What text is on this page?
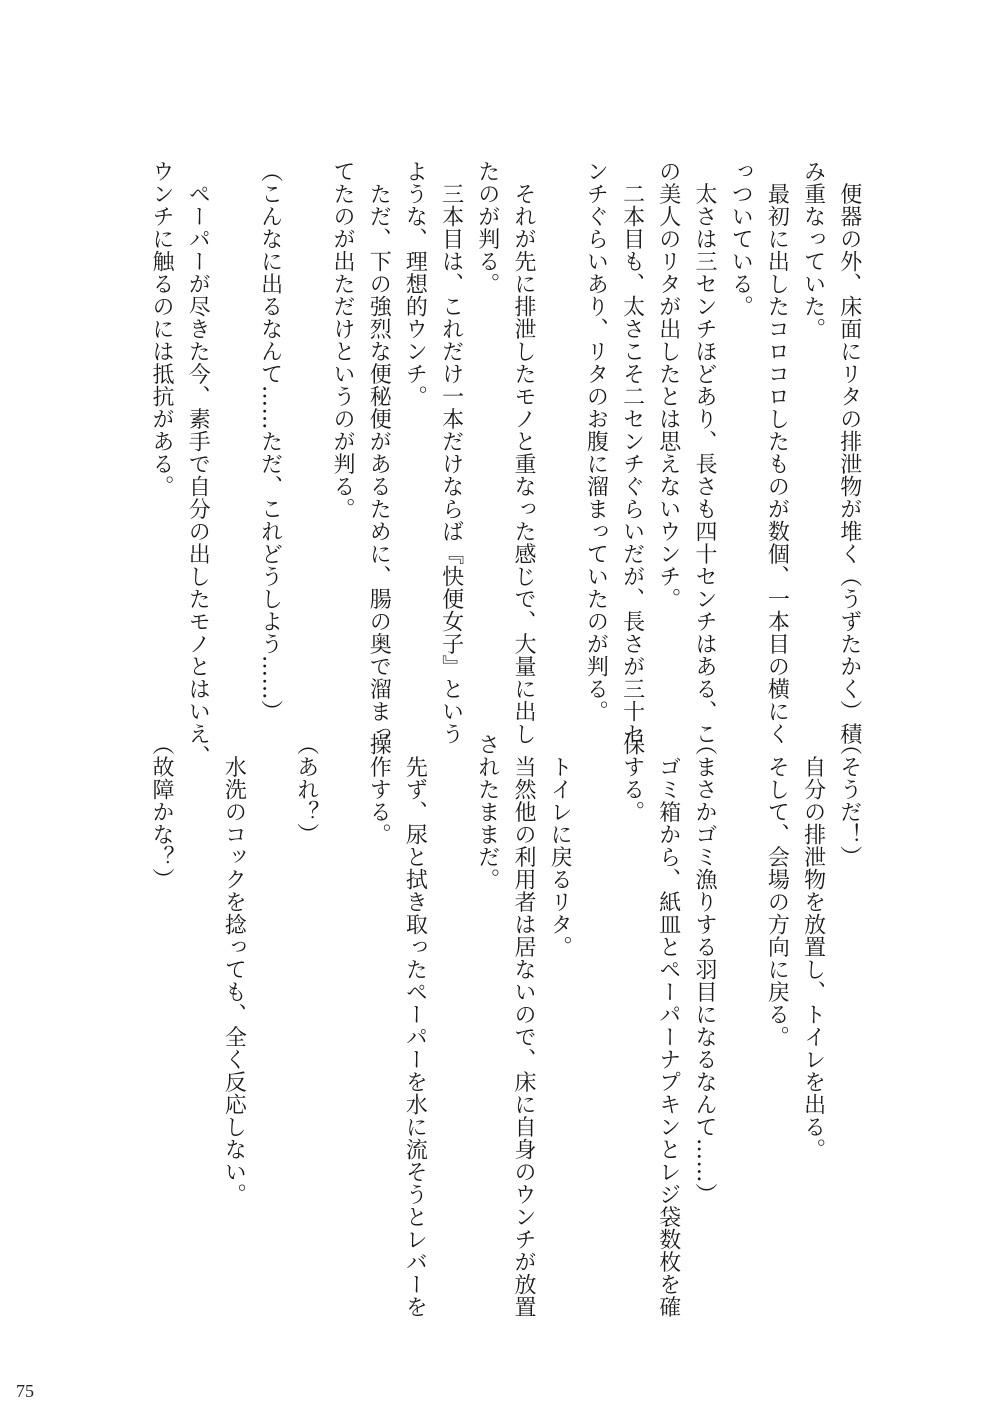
　便器の外、床面にリタの排泄物が堆く（うずたかく）積
み重なっていた。
　最初に出したコロコロしたものが数個、一本目の横にく
っついている。
　太さは三センチほどあり、長さも四十センチはある、こ
の美人のリタが出したとは思えないウンチ。
　二本目も、太さこそ二センチぐらいだが、長さが三十セ
ンチぐらいあり、リタのお腹に溜まっていたのが判る。
　それが先に排泄したモノと重なった感じで、大量に出し
たのが判る。
　三本目は、これだけ一本だけならば『快便女子』という
ような、理想的ウンチ。
　ただ、下の強烈な便秘便があるために、腸の奥で溜まっ
てたのが出ただけというのが判る。
（こんなに出るなんて……ただ、これどうしよう……）
　ペーパーが尽きた今、素手で自分の出したモノとはいえ、
ウンチに触るのには抵抗がある。
（そうだ！）
　自分の排泄物を放置し、トイレを出る。
　そして、会場の方向に戻る。
（まさかゴミ漁りする羽目になるなんて……）
　ゴミ箱から、紙皿とペーパーナプキンとレジ袋数枚を確
保する。
　トイレに戻るリタ。
　当然他の利用者は居ないので、床に自身のウンチが放置
されたままだ。
　先ず、尿と拭き取ったペーパーを水に流そうとレバーを
操作する。
（あれ？）
　水洗のコックを捻っても、全く反応しない。
（故障かな？）
75
